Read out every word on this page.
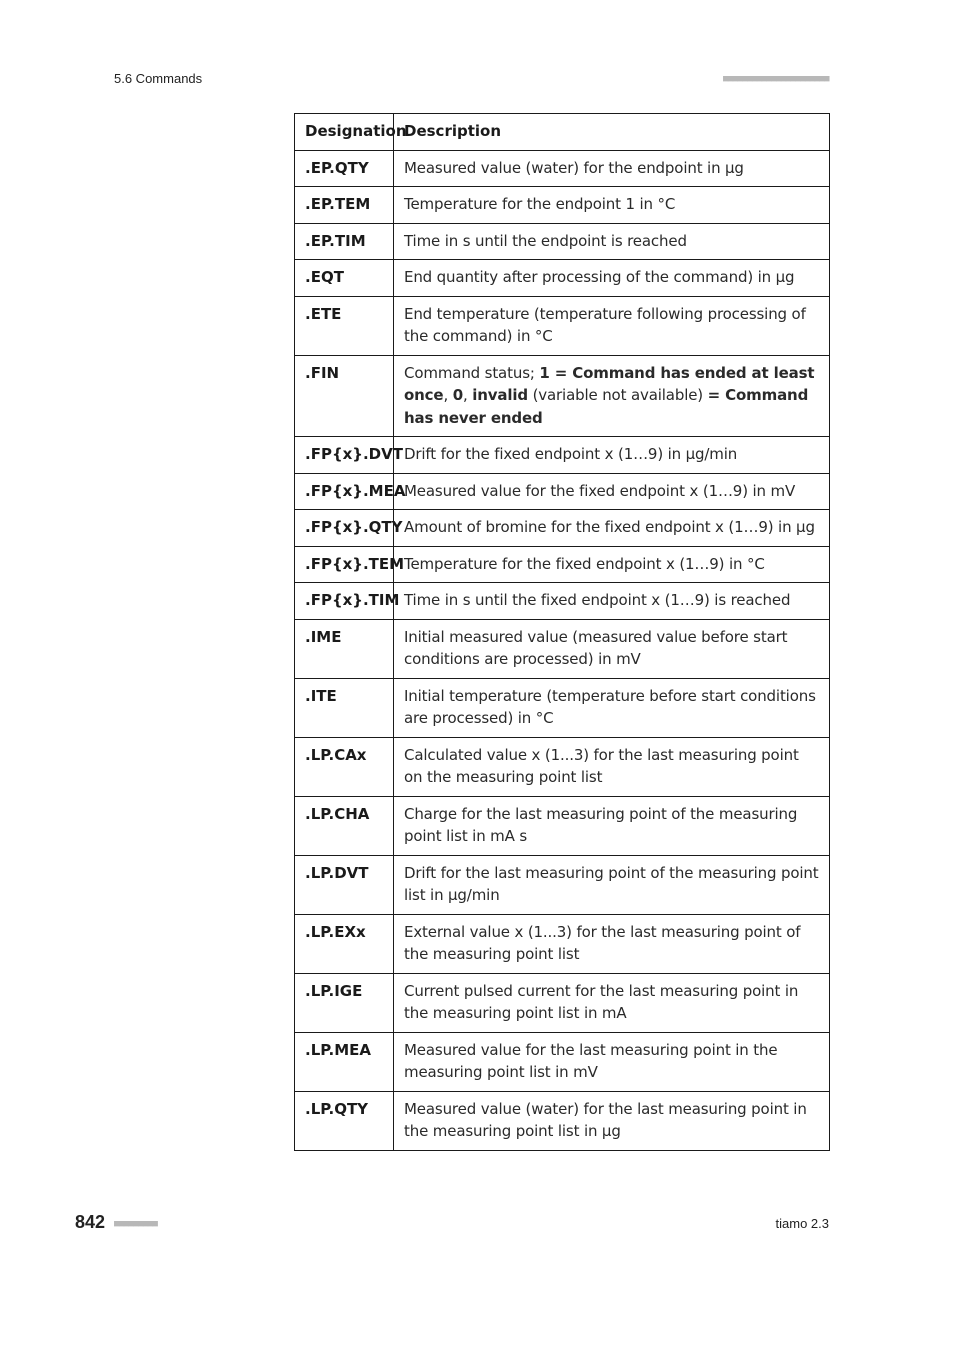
5.6 Commands	■■■■■■■■■■■■■■■■■■■■■■
Designation	Description
.EP.QTY	Measured value (water) for the endpoint in µg
.EP.TEM	Temperature for the endpoint 1 in °C
.EP.TIM	Time in s until the endpoint is reached
.EQT	End quantity after processing of the command) in µg
.ETE	End temperature (temperature following processing of the command) in °C
.FIN	Command status; 1 = Command has ended at least once, 0, invalid (variable not available) = Command has never ended
.FP{x}.DVT	Drift for the fixed endpoint x (1…9) in µg/min
.FP{x}.MEA	Measured value for the fixed endpoint x (1…9) in mV
.FP{x}.QTY	Amount of bromine for the fixed endpoint x (1…9) in µg
.FP{x}.TEM	Temperature for the fixed endpoint x (1…9) in °C
.FP{x}.TIM	Time in s until the fixed endpoint x (1…9) is reached
.IME	Initial measured value (measured value before start conditions are processed) in mV
.ITE	Initial temperature (temperature before start conditions are processed) in °C
.LP.CAx	Calculated value x (1...3) for the last measuring point on the measuring point list
.LP.CHA	Charge for the last measuring point of the measuring point list in mA s
.LP.DVT	Drift for the last measuring point of the measuring point list in µg/min
.LP.EXx	External value x (1...3) for the last measuring point of the measuring point list
.LP.IGE	Current pulsed current for the last measuring point in the measuring point list in mA
.LP.MEA	Measured value for the last measuring point in the measuring point list in mV
.LP.QTY	Measured value (water) for the last measuring point in the measuring point list in µg
842 ■■■■■■■■■	tiamo 2.3
